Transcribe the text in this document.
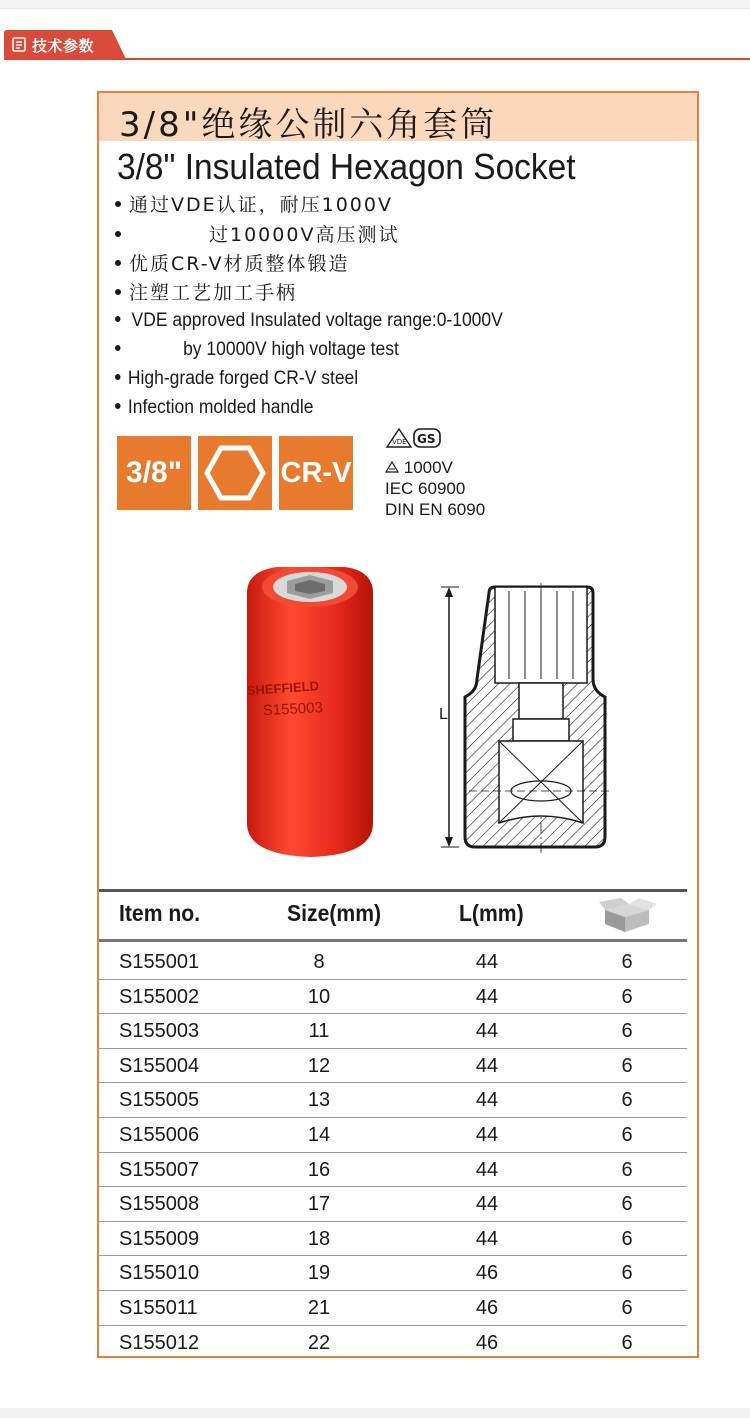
技术参数
3/8"绝缘公制六角套筒
3/8" Insulated Hexagon Socket
通过VDE认证，耐压1000V
过10000V高压测试
优质CR-V材质整体锻造
注塑工艺加工手柄
VDE approved Insulated voltage range:0-1000V
by 10000V high voltage test
High-grade forged CR-V steel
Infection molded handle
3/8"	CR-V
VDE GS
1000V
IEC 60900
DIN EN 6090
SHEFFIELD
S155003	L
Item no.	Size(mm)	L(mm)
S155001	8	44	6
S155002	10	44	6
S155003	11	44	6
S155004	12	44	6
S155005	13	44	6
S155006	14	44	6
S155007	16	44	6
S155008	17	44	6
S155009	18	44	6
S155010	19	46	6
S155011	21	46	6
S155012	22	46	6
